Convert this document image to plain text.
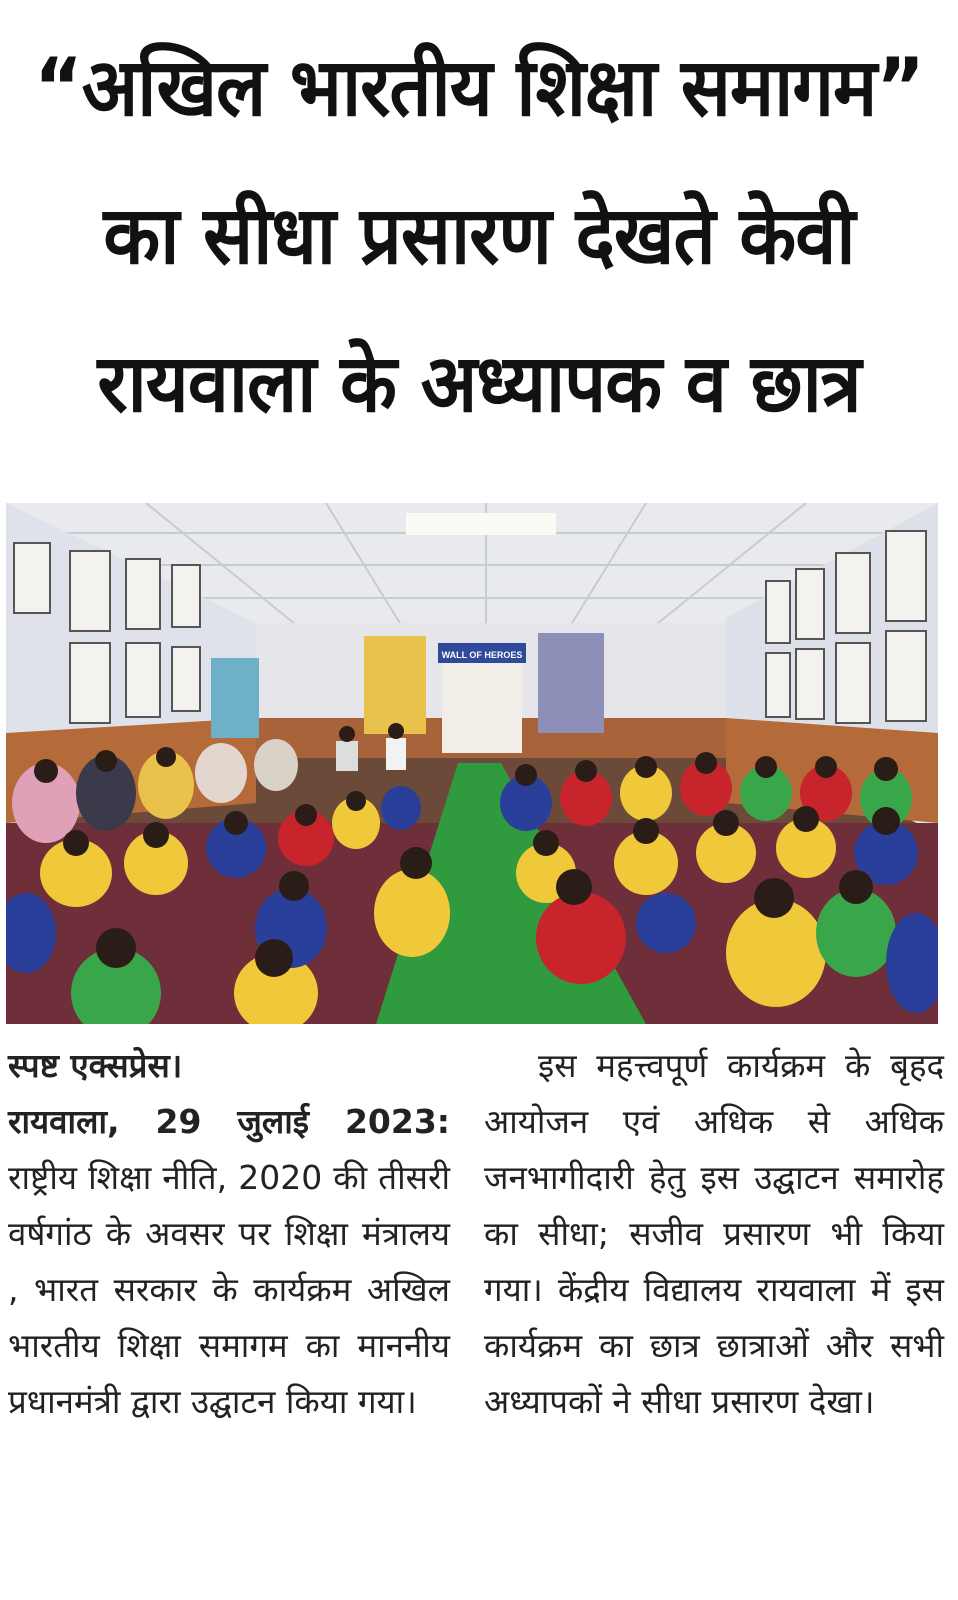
“अखिल भारतीय शिक्षा समागम”
का सीधा प्रसारण देखते केवी
रायवाला के अध्यापक व छात्र
WALL OF HEROES

स्पष्ट एक्सप्रेस।
रायवाला, 29 जुलाई 2023: राष्ट्रीय शिक्षा नीति, 2020 की तीसरी वर्षगांठ के अवसर पर शिक्षा मंत्रालय , भारत सरकार के कार्यक्रम अखिल भारतीय शिक्षा समागम का माननीय प्रधानमंत्री द्वारा उद्घाटन किया गया।

इस महत्त्वपूर्ण कार्यक्रम के बृहद आयोजन एवं अधिक से अधिक जनभागीदारी हेतु इस उद्घाटन समारोह का सीधा; सजीव प्रसारण भी किया गया। केंद्रीय विद्यालय रायवाला में इस कार्यक्रम का छात्र छात्राओं और सभी अध्यापकों ने सीधा प्रसारण देखा।
